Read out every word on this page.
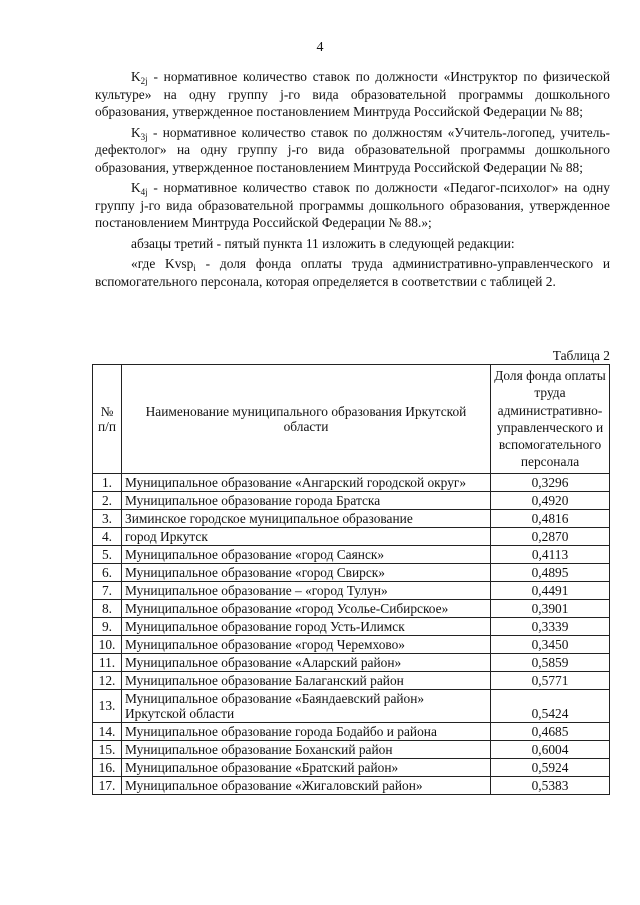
4

$K_{2j}$ - нормативное количество ставок по должности «Инструктор по физической культуре» на одну группу j-го вида образовательной программы дошкольного образования, утвержденное постановлением Минтруда Российской Федерации № 88;

$K_{3j}$ - нормативное количество ставок по должностям «Учитель-логопед, учитель-дефектолог» на одну группу j-го вида образовательной программы дошкольного образования, утвержденное постановлением Минтруда Российской Федерации № 88;

$K_{4j}$ - нормативное количество ставок по должности «Педагог-психолог» на одну группу j-го вида образовательной программы дошкольного образования, утвержденное постановлением Минтруда Российской Федерации № 88.»;

абзацы третий - пятый пункта 11 изложить в следующей редакции:

«где Kvsp$_i$ - доля фонда оплаты труда административно-управленческого и вспомогательного персонала, которая определяется в соответствии с таблицей 2.

Таблица 2
№ п/п	Наименование муниципального образования Иркутской области	Доля фонда оплаты труда административно-управленческого и вспомогательного персонала
1.	Муниципальное образование «Ангарский городской округ»	0,3296
2.	Муниципальное образование города Братска	0,4920
3.	Зиминское городское муниципальное образование	0,4816
4.	город Иркутск	0,2870
5.	Муниципальное образование «город Саянск»	0,4113
6.	Муниципальное образование «город Свирск»	0,4895
7.	Муниципальное образование – «город Тулун»	0,4491
8.	Муниципальное образование «город Усолье-Сибирское»	0,3901
9.	Муниципальное образование город Усть-Илимск	0,3339
10.	Муниципальное образование «город Черемхово»	0,3450
11.	Муниципальное образование «Аларский район»	0,5859
12.	Муниципальное образование Балаганский район	0,5771
13.	Муниципальное образование «Баяндаевский район» Иркутской области	0,5424
14.	Муниципальное образование города Бодайбо и района	0,4685
15.	Муниципальное образование Боханский район	0,6004
16.	Муниципальное образование «Братский район»	0,5924
17.	Муниципальное образование «Жигаловский район»	0,5383
